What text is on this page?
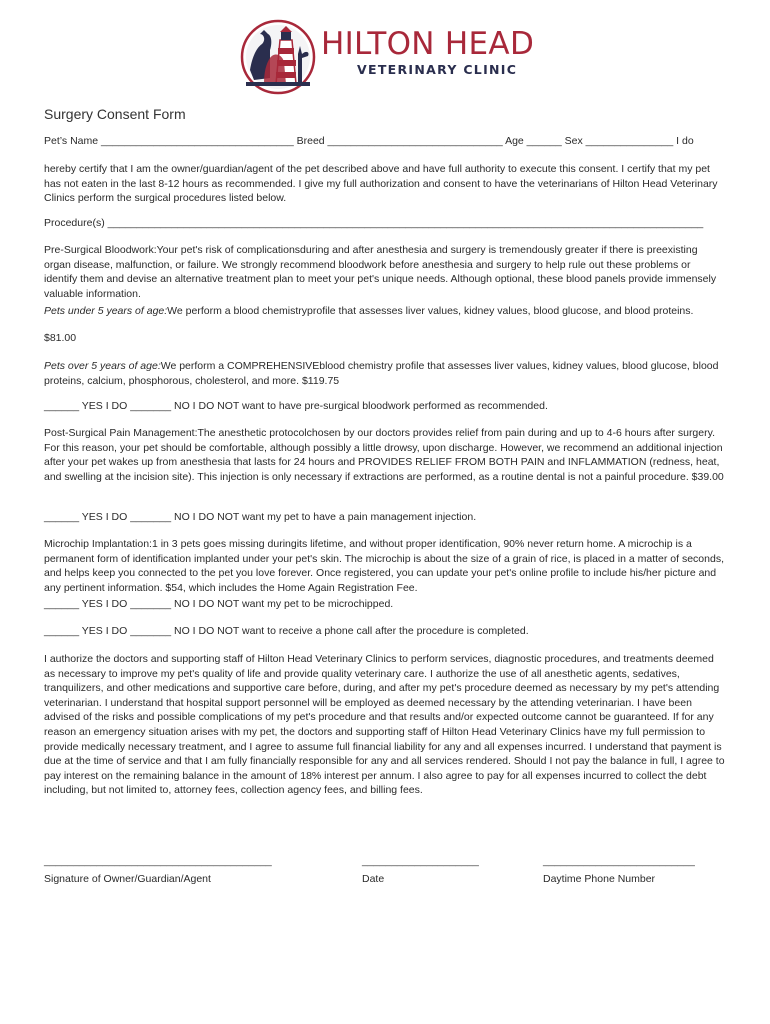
HILTON HEAD
VETERINARY CLINIC
Surgery Consent Form
Pet’s Name _________________________________ Breed ______________________________ Age ______ Sex _______________ I do
hereby certify that I am the owner/guardian/agent of the pet described above and have full authority to execute this consent. I certify that my pet has not eaten in the last 8-12 hours as recommended. I give my full authorization and consent to have the veterinarians of Hilton Head Veterinary Clinics perform the surgical procedures listed below.
Procedure(s) ______________________________________________________________________________________________________
Pre-Surgical Bloodwork:Your pet's risk of complicationsduring and after anesthesia and surgery is tremendously greater if there is preexisting organ disease, malfunction, or failure. We strongly recommend bloodwork before anesthesia and surgery to help rule out these problems or identify them and devise an alternative treatment plan to meet your pet's unique needs. Although optional, these blood panels provide immensely valuable information.
Pets under 5 years of age:We perform a blood chemistryprofile that assesses liver values, kidney values, blood glucose, and blood proteins.
$81.00
Pets over 5 years of age:We perform a COMPREHENSIVEblood chemistry profile that assesses liver values, kidney values, blood glucose, blood proteins, calcium, phosphorous, cholesterol, and more. $119.75
______ YES I DO _______ NO I DO NOT want to have pre-surgical bloodwork performed as recommended.
Post-Surgical Pain Management:The anesthetic protocolchosen by our doctors provides relief from pain during and up to 4-6 hours after surgery. For this reason, your pet should be comfortable, although possibly a little drowsy, upon discharge. However, we recommend an additional injection after your pet wakes up from anesthesia that lasts for 24 hours and PROVIDES RELIEF FROM BOTH PAIN and INFLAMMATION (redness, heat, and swelling at the incision site). This injection is only necessary if extractions are performed, as a routine dental is not a painful procedure. $39.00
______ YES I DO _______ NO I DO NOT want my pet to have a pain management injection.
Microchip Implantation:1 in 3 pets goes missing duringits lifetime, and without proper identification, 90% never return home. A microchip is a permanent form of identification implanted under your pet's skin. The microchip is about the size of a grain of rice, is placed in a matter of seconds, and helps keep you connected to the pet you love forever. Once registered, you can update your pet's online profile to include his/her picture and any pertinent information. $54, which includes the Home Again Registration Fee.
______ YES I DO _______ NO I DO NOT want my pet to be microchipped.
______ YES I DO _______ NO I DO NOT want to receive a phone call after the procedure is completed.
I authorize the doctors and supporting staff of Hilton Head Veterinary Clinics to perform services, diagnostic procedures, and treatments deemed as necessary to improve my pet's quality of life and provide quality veterinary care. I authorize the use of all anesthetic agents, sedatives, tranquilizers, and other medications and supportive care before, during, and after my pet's procedure deemed as necessary by my pet's attending veterinarian. I understand that hospital support personnel will be employed as deemed necessary by the attending veterinarian. I have been advised of the risks and possible complications of my pet's procedure and that results and/or expected outcome cannot be guaranteed. If for any reason an emergency situation arises with my pet, the doctors and supporting staff of Hilton Head Veterinary Clinics have my full permission to provide medically necessary treatment, and I agree to assume full financial liability for any and all expenses incurred. I understand that payment is due at the time of service and that I am fully financially responsible for any and all services rendered. Should I not pay the balance in full, I agree to pay interest on the remaining balance in the amount of 18% interest per annum. I also agree to pay for all expenses incurred to collect the debt including, but not limited to, attorney fees, collection agency fees, and billing fees.
_______________________________________	____________________	__________________________
Signature of Owner/Guardian/Agent	Date	Daytime Phone Number
